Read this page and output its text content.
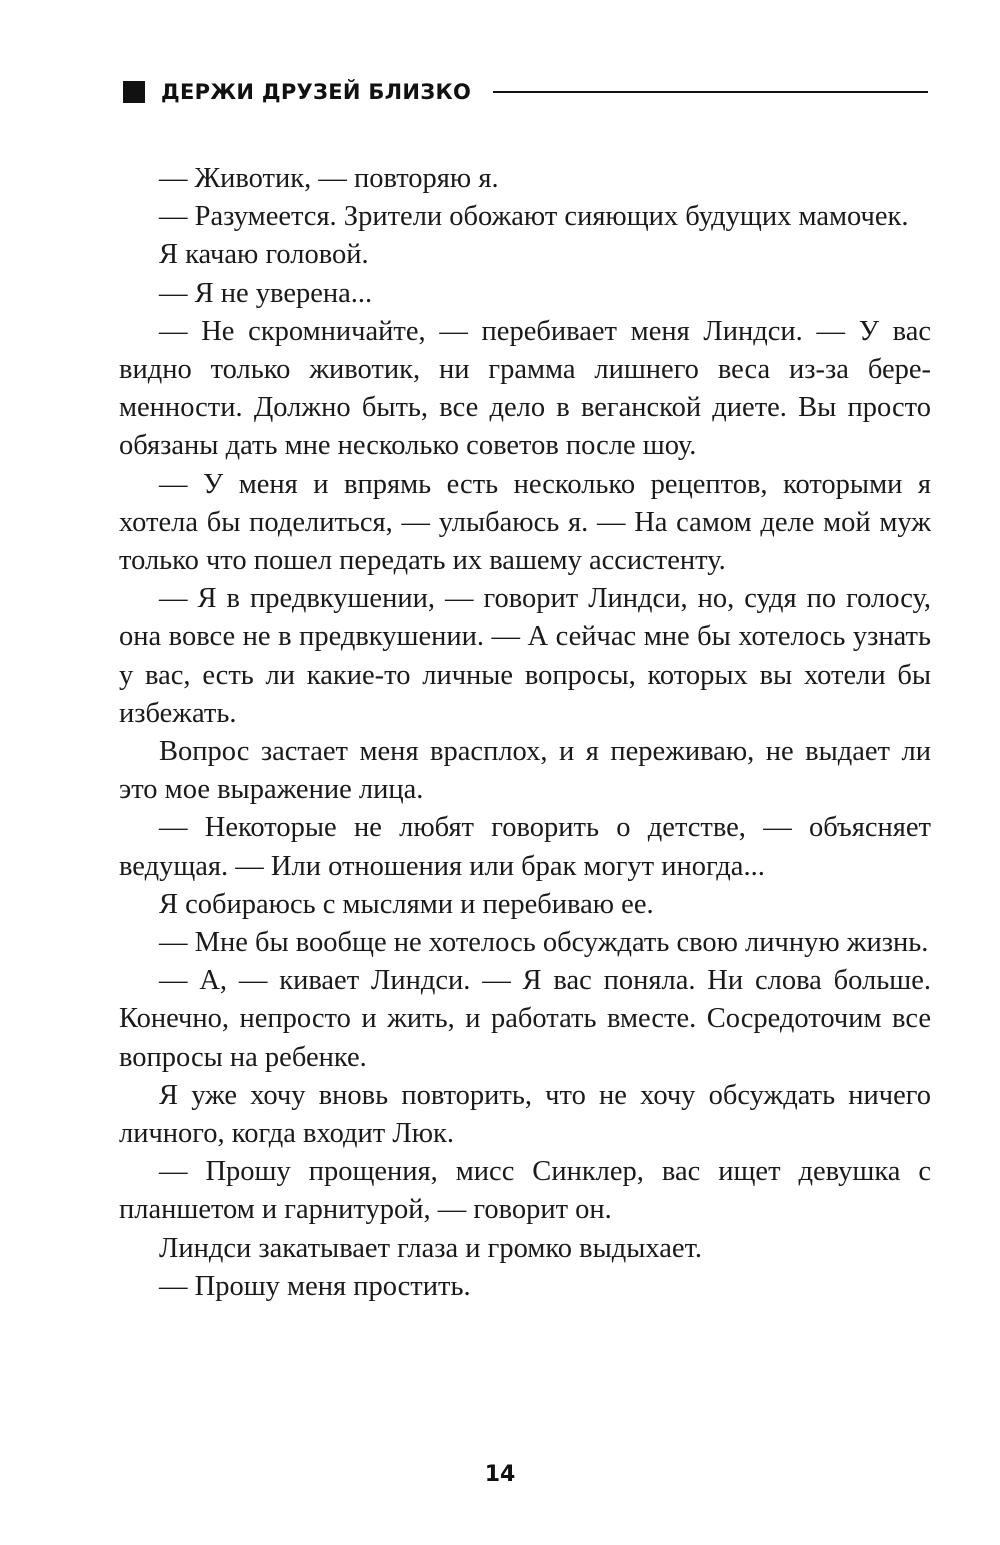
ДЕРЖИ ДРУЗЕЙ БЛИЗКО

— Животик, — повторяю я.

— Разумеется. Зрители обожают сияющих будущих мамочек.

Я качаю головой.

— Я не уверена...

— Не скромничайте, — перебивает меня Линдси. — У вас видно только животик, ни грамма лишнего веса из-за беременности. Должно быть, все дело в веганской диете. Вы просто обязаны дать мне несколько советов после шоу.

— У меня и впрямь есть несколько рецептов, которыми я хотела бы поделиться, — улыбаюсь я. — На самом деле мой муж только что пошел передать их вашему ассистенту.

— Я в предвкушении, — говорит Линдси, но, судя по голосу, она вовсе не в предвкушении. — А сейчас мне бы хотелось узнать у вас, есть ли какие-то личные вопросы, которых вы хотели бы избежать.

Вопрос застает меня врасплох, и я переживаю, не выдает ли это мое выражение лица.

— Некоторые не любят говорить о детстве, — объясняет ведущая. — Или отношения или брак могут иногда...

Я собираюсь с мыслями и перебиваю ее.

— Мне бы вообще не хотелось обсуждать свою личную жизнь.

— А, — кивает Линдси. — Я вас поняла. Ни слова больше. Конечно, непросто и жить, и работать вместе. Сосредоточим все вопросы на ребенке.

Я уже хочу вновь повторить, что не хочу обсуждать ничего личного, когда входит Люк.

— Прошу прощения, мисс Синклер, вас ищет девушка с планшетом и гарнитурой, — говорит он.

Линдси закатывает глаза и громко выдыхает.

— Прошу меня простить.

14
